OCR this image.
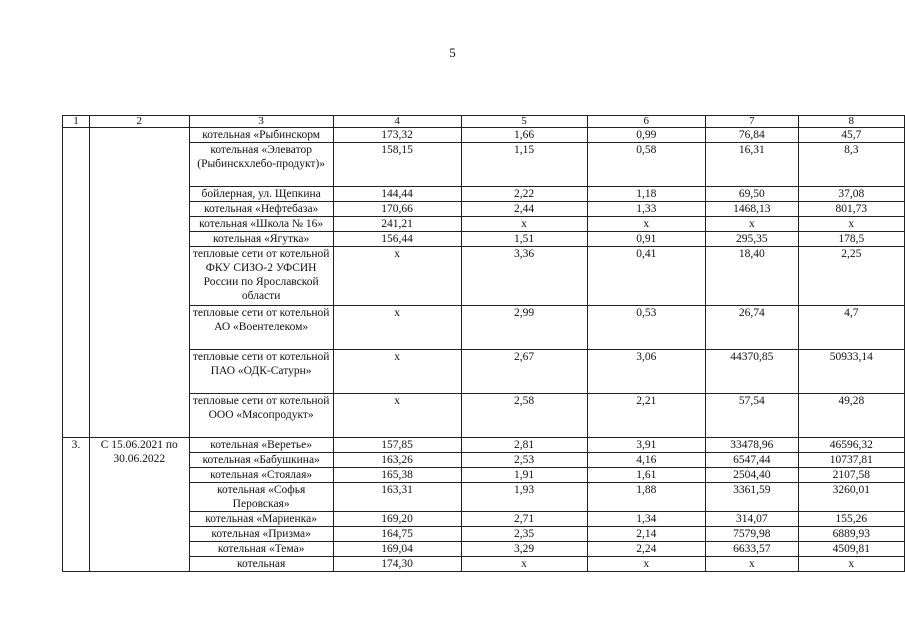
5
1	2	3	4	5	6	7	8
		котельная «Рыбинскорм	173,32	1,66	0,99	76,84	45,7
		котельная «Элеватор (Рыбинскхлебо-продукт)»	158,15	1,15	0,58	16,31	8,3
		бойлерная, ул. Щепкина	144,44	2,22	1,18	69,50	37,08
		котельная «Нефтебаза»	170,66	2,44	1,33	1468,13	801,73
		котельная «Школа № 16»	241,21	х	х	х	х
		котельная «Ягутка»	156,44	1,51	0,91	295,35	178,5
		тепловые сети от котельной ФКУ СИЗО-2 УФСИН России по Ярославской области	х	3,36	0,41	18,40	2,25
		тепловые сети от котельной АО «Воентелеком»	х	2,99	0,53	26,74	4,7
		тепловые сети от котельной ПАО «ОДК-Сатурн»	х	2,67	3,06	44370,85	50933,14
		тепловые сети от котельной ООО «Мясопродукт»	х	2,58	2,21	57,54	49,28
3.	С 15.06.2021 по 30.06.2022	котельная «Веретье»	157,85	2,81	3,91	33478,96	46596,32
		котельная «Бабушкина»	163,26	2,53	4,16	6547,44	10737,81
		котельная «Стоялая»	165,38	1,91	1,61	2504,40	2107,58
		котельная «Софья Перовская»	163,31	1,93	1,88	3361,59	3260,01
		котельная «Мариенка»	169,20	2,71	1,34	314,07	155,26
		котельная «Призма»	164,75	2,35	2,14	7579,98	6889,93
		котельная «Тема»	169,04	3,29	2,24	6633,57	4509,81
		котельная	174,30	х	х	х	х
